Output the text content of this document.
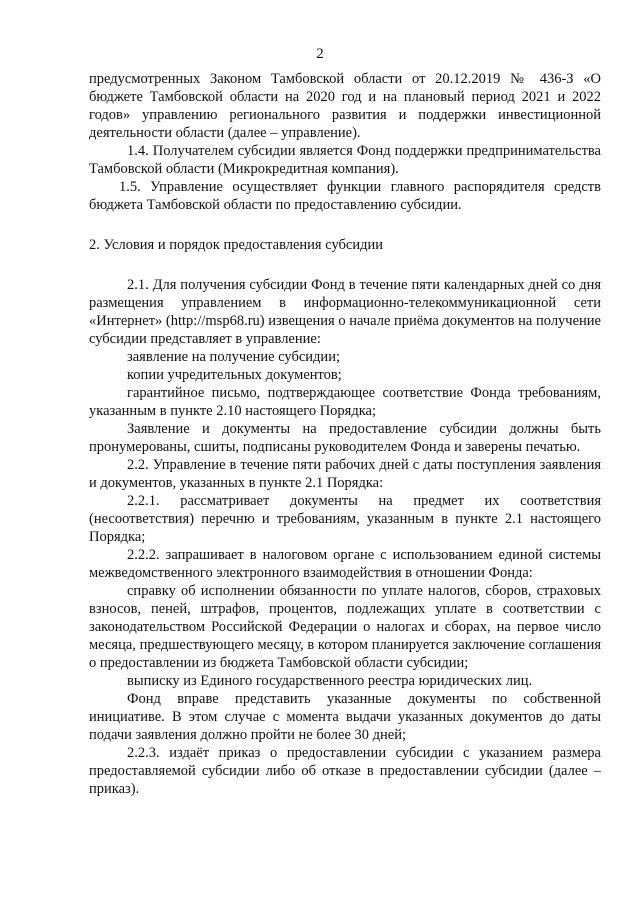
2

предусмотренных Законом Тамбовской области от 20.12.2019 № 436-З «О бюджете Тамбовской области на 2020 год и на плановый период 2021 и 2022 годов» управлению регионального развития и поддержки инвестиционной деятельности области (далее – управление).

1.4. Получателем субсидии является Фонд поддержки предпринимательства Тамбовской области (Микрокредитная компания).

1.5. Управление осуществляет функции главного распорядителя средств бюджета Тамбовской области по предоставлению субсидии.

2. Условия и порядок предоставления субсидии

2.1. Для получения субсидии Фонд в течение пяти календарных дней со дня размещения управлением в информационно-телекоммуникационной сети «Интернет» (http://msp68.ru) извещения о начале приёма документов на получение субсидии представляет в управление:

заявление на получение субсидии;

копии учредительных документов;

гарантийное письмо, подтверждающее соответствие Фонда требованиям, указанным в пункте 2.10 настоящего Порядка;

Заявление и документы на предоставление субсидии должны быть пронумерованы, сшиты, подписаны руководителем Фонда и заверены печатью.

2.2. Управление в течение пяти рабочих дней с даты поступления заявления и документов, указанных в пункте 2.1 Порядка:

2.2.1. рассматривает документы на предмет их соответствия (несоответствия) перечню и требованиям, указанным в пункте 2.1 настоящего Порядка;

2.2.2. запрашивает в налоговом органе с использованием единой системы межведомственного электронного взаимодействия в отношении Фонда:

справку об исполнении обязанности по уплате налогов, сборов, страховых взносов, пеней, штрафов, процентов, подлежащих уплате в соответствии с законодательством Российской Федерации о налогах и сборах, на первое число месяца, предшествующего месяцу, в котором планируется заключение соглашения о предоставлении из бюджета Тамбовской области субсидии;

выписку из Единого государственного реестра юридических лиц.

Фонд вправе представить указанные документы по собственной инициативе. В этом случае с момента выдачи указанных документов до даты подачи заявления должно пройти не более 30 дней;

2.2.3. издаёт приказ о предоставлении субсидии с указанием размера предоставляемой субсидии либо об отказе в предоставлении субсидии (далее – приказ).
